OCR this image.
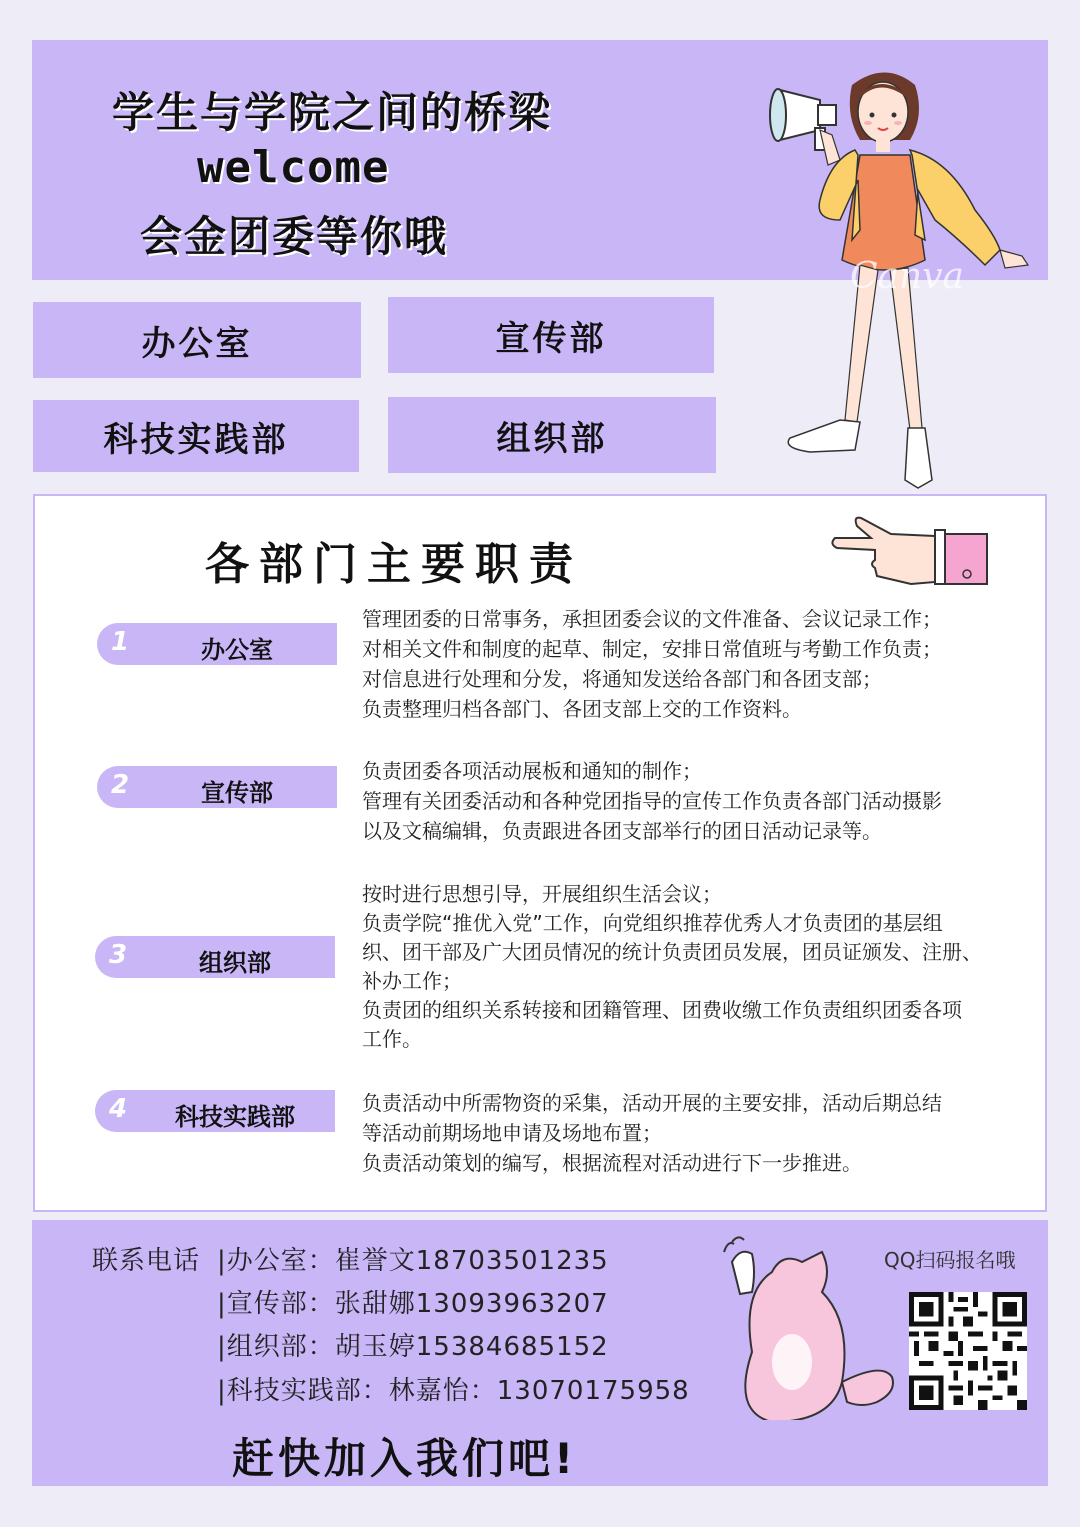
学生与学院之间的桥梁
welcome
会金团委等你哦
Canva
办公室	宣传部
科技实践部	组织部
各部门主要职责
1	办公室
管理团委的日常事务，承担团委会议的文件准备、会议记录工作；
对相关文件和制度的起草、制定，安排日常值班与考勤工作负责；
对信息进行处理和分发，将通知发送给各部门和各团支部；
负责整理归档各部门、各团支部上交的工作资料。
2	宣传部
负责团委各项活动展板和通知的制作；
管理有关团委活动和各种党团指导的宣传工作负责各部门活动摄影
以及文稿编辑，负责跟进各团支部举行的团日活动记录等。
3	组织部
按时进行思想引导，开展组织生活会议；
负责学院“推优入党”工作，向党组织推荐优秀人才负责团的基层组
织、团干部及广大团员情况的统计负责团员发展，团员证颁发、注册、
补办工作；
负责团的组织关系转接和团籍管理、团费收缴工作负责组织团委各项
工作。
4	科技实践部	负责活动中所需物资的采集，活动开展的主要安排，活动后期总结
等活动前期场地申请及场地布置；
负责活动策划的编写，根据流程对活动进行下一步推进。
联系电话 |办公室：崔誉文18703501235
|宣传部：张甜娜13093963207
|组织部：胡玉婷15384685152
|科技实践部：林嘉怡：13070175958
QQ扫码报名哦
赶快加入我们吧!
